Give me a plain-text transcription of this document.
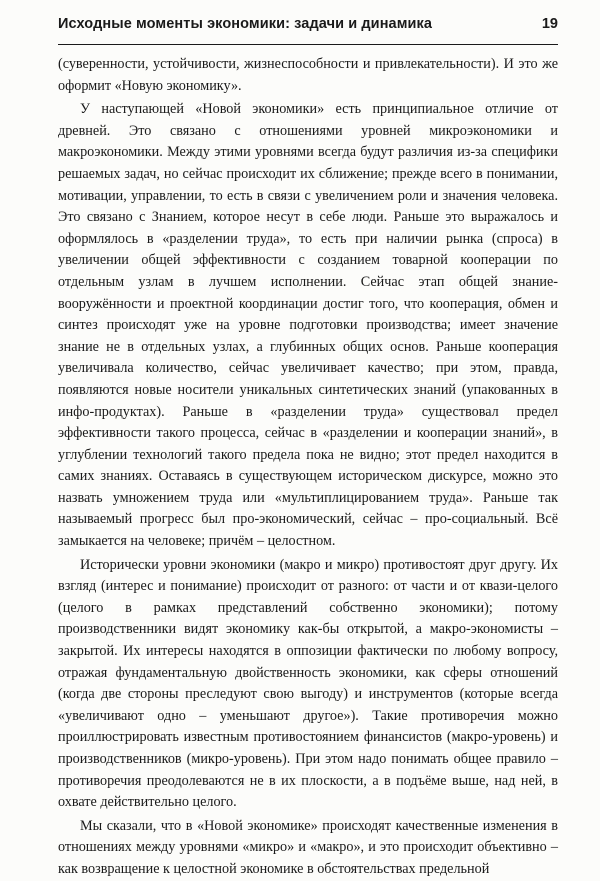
Исходные моменты экономики: задачи и динамика	19

(суверенности, устойчивости, жизнеспособности и привлекательности). И это же оформит «Новую экономику».

У наступающей «Новой экономики» есть принципиальное отличие от древней. Это связано с отношениями уровней микроэкономики и макроэкономики. Между этими уровнями всегда будут различия из-за специфики решаемых задач, но сейчас происходит их сближение; прежде всего в понимании, мотивации, управлении, то есть в связи с увеличением роли и значения человека. Это связано с Знанием, которое несут в себе люди. Раньше это выражалось и оформлялось в «разделении труда», то есть при наличии рынка (спроса) в увеличении общей эффективности с созданием товарной кооперации по отдельным узлам в лучшем исполнении. Сейчас этап общей знание-вооружённости и проектной координации достиг того, что кооперация, обмен и синтез происходят уже на уровне подготовки производства; имеет значение знание не в отдельных узлах, а глубинных общих основ. Раньше кооперация увеличивала количество, сейчас увеличивает качество; при этом, правда, появляются новые носители уникальных синтетических знаний (упакованных в инфо-продуктах). Раньше в «разделении труда» существовал предел эффективности такого процесса, сейчас в «разделении и кооперации знаний», в углублении технологий такого предела пока не видно; этот предел находится в самих знаниях. Оставаясь в существующем историческом дискурсе, можно это назвать умножением труда или «мультиплицированием труда». Раньше так называемый прогресс был про-экономический, сейчас – про-социальный. Всё замыкается на человеке; причём – целостном.

Исторически уровни экономики (макро и микро) противостоят друг другу. Их взгляд (интерес и понимание) происходит от разного: от части и от квази-целого (целого в рамках представлений собственно экономики); потому производственники видят экономику как-бы открытой, а макро-экономисты – закрытой. Их интересы находятся в оппозиции фактически по любому вопросу, отражая фундаментальную двойственность экономики, как сферы отношений (когда две стороны преследуют свою выгоду) и инструментов (которые всегда «увеличивают одно – уменьшают другое»). Такие противоречия можно проиллюстрировать известным противостоянием финансистов (макро-уровень) и производственников (микро-уровень). При этом надо понимать общее правило – противоречия преодолеваются не в их плоскости, а в подъёме выше, над ней, в охвате действительно целого.

Мы сказали, что в «Новой экономике» происходят качественные изменения в отношениях между уровнями «микро» и «макро», и это происходит объективно – как возвращение к целостной экономике в обстоятельствах предельной
